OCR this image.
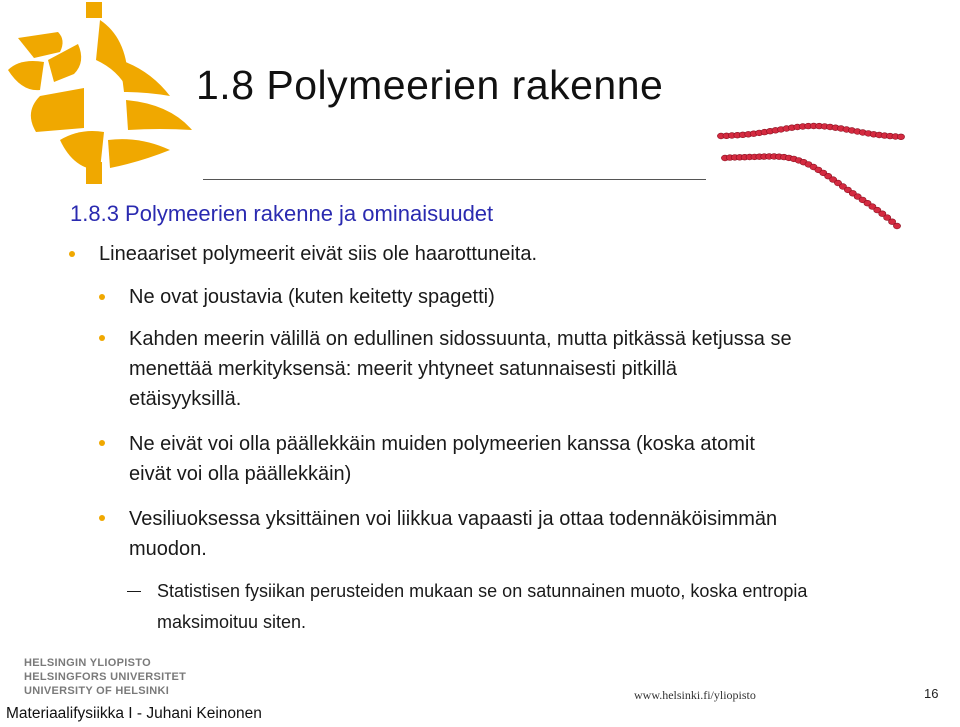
1.8 Polymeerien rakenne
1.8.3 Polymeerien rakenne ja ominaisuudet
Lineaariset polymeerit eivät siis ole haarottuneita.
Ne ovat joustavia (kuten keitetty spagetti)
Kahden meerin välillä on edullinen sidossuunta, mutta pitkässä ketjussa se
menettää merkityksensä: meerit yhtyneet satunnaisesti pitkillä
etäisyyksillä.
Ne eivät voi olla päällekkäin muiden polymeerien kanssa (koska atomit
eivät voi olla päällekkäin)
Vesiliuoksessa yksittäinen voi liikkua vapaasti ja ottaa todennäköisimmän
muodon.
Statistisen fysiikan perusteiden mukaan se on satunnainen muoto, koska entropia
maksimoituu siten.
HELSINGIN YLIOPISTO
HELSINGFORS UNIVERSITET
UNIVERSITY OF HELSINKI
Materiaalifysiikka I - Juhani Keinonen
www.helsinki.fi/yliopisto	16
